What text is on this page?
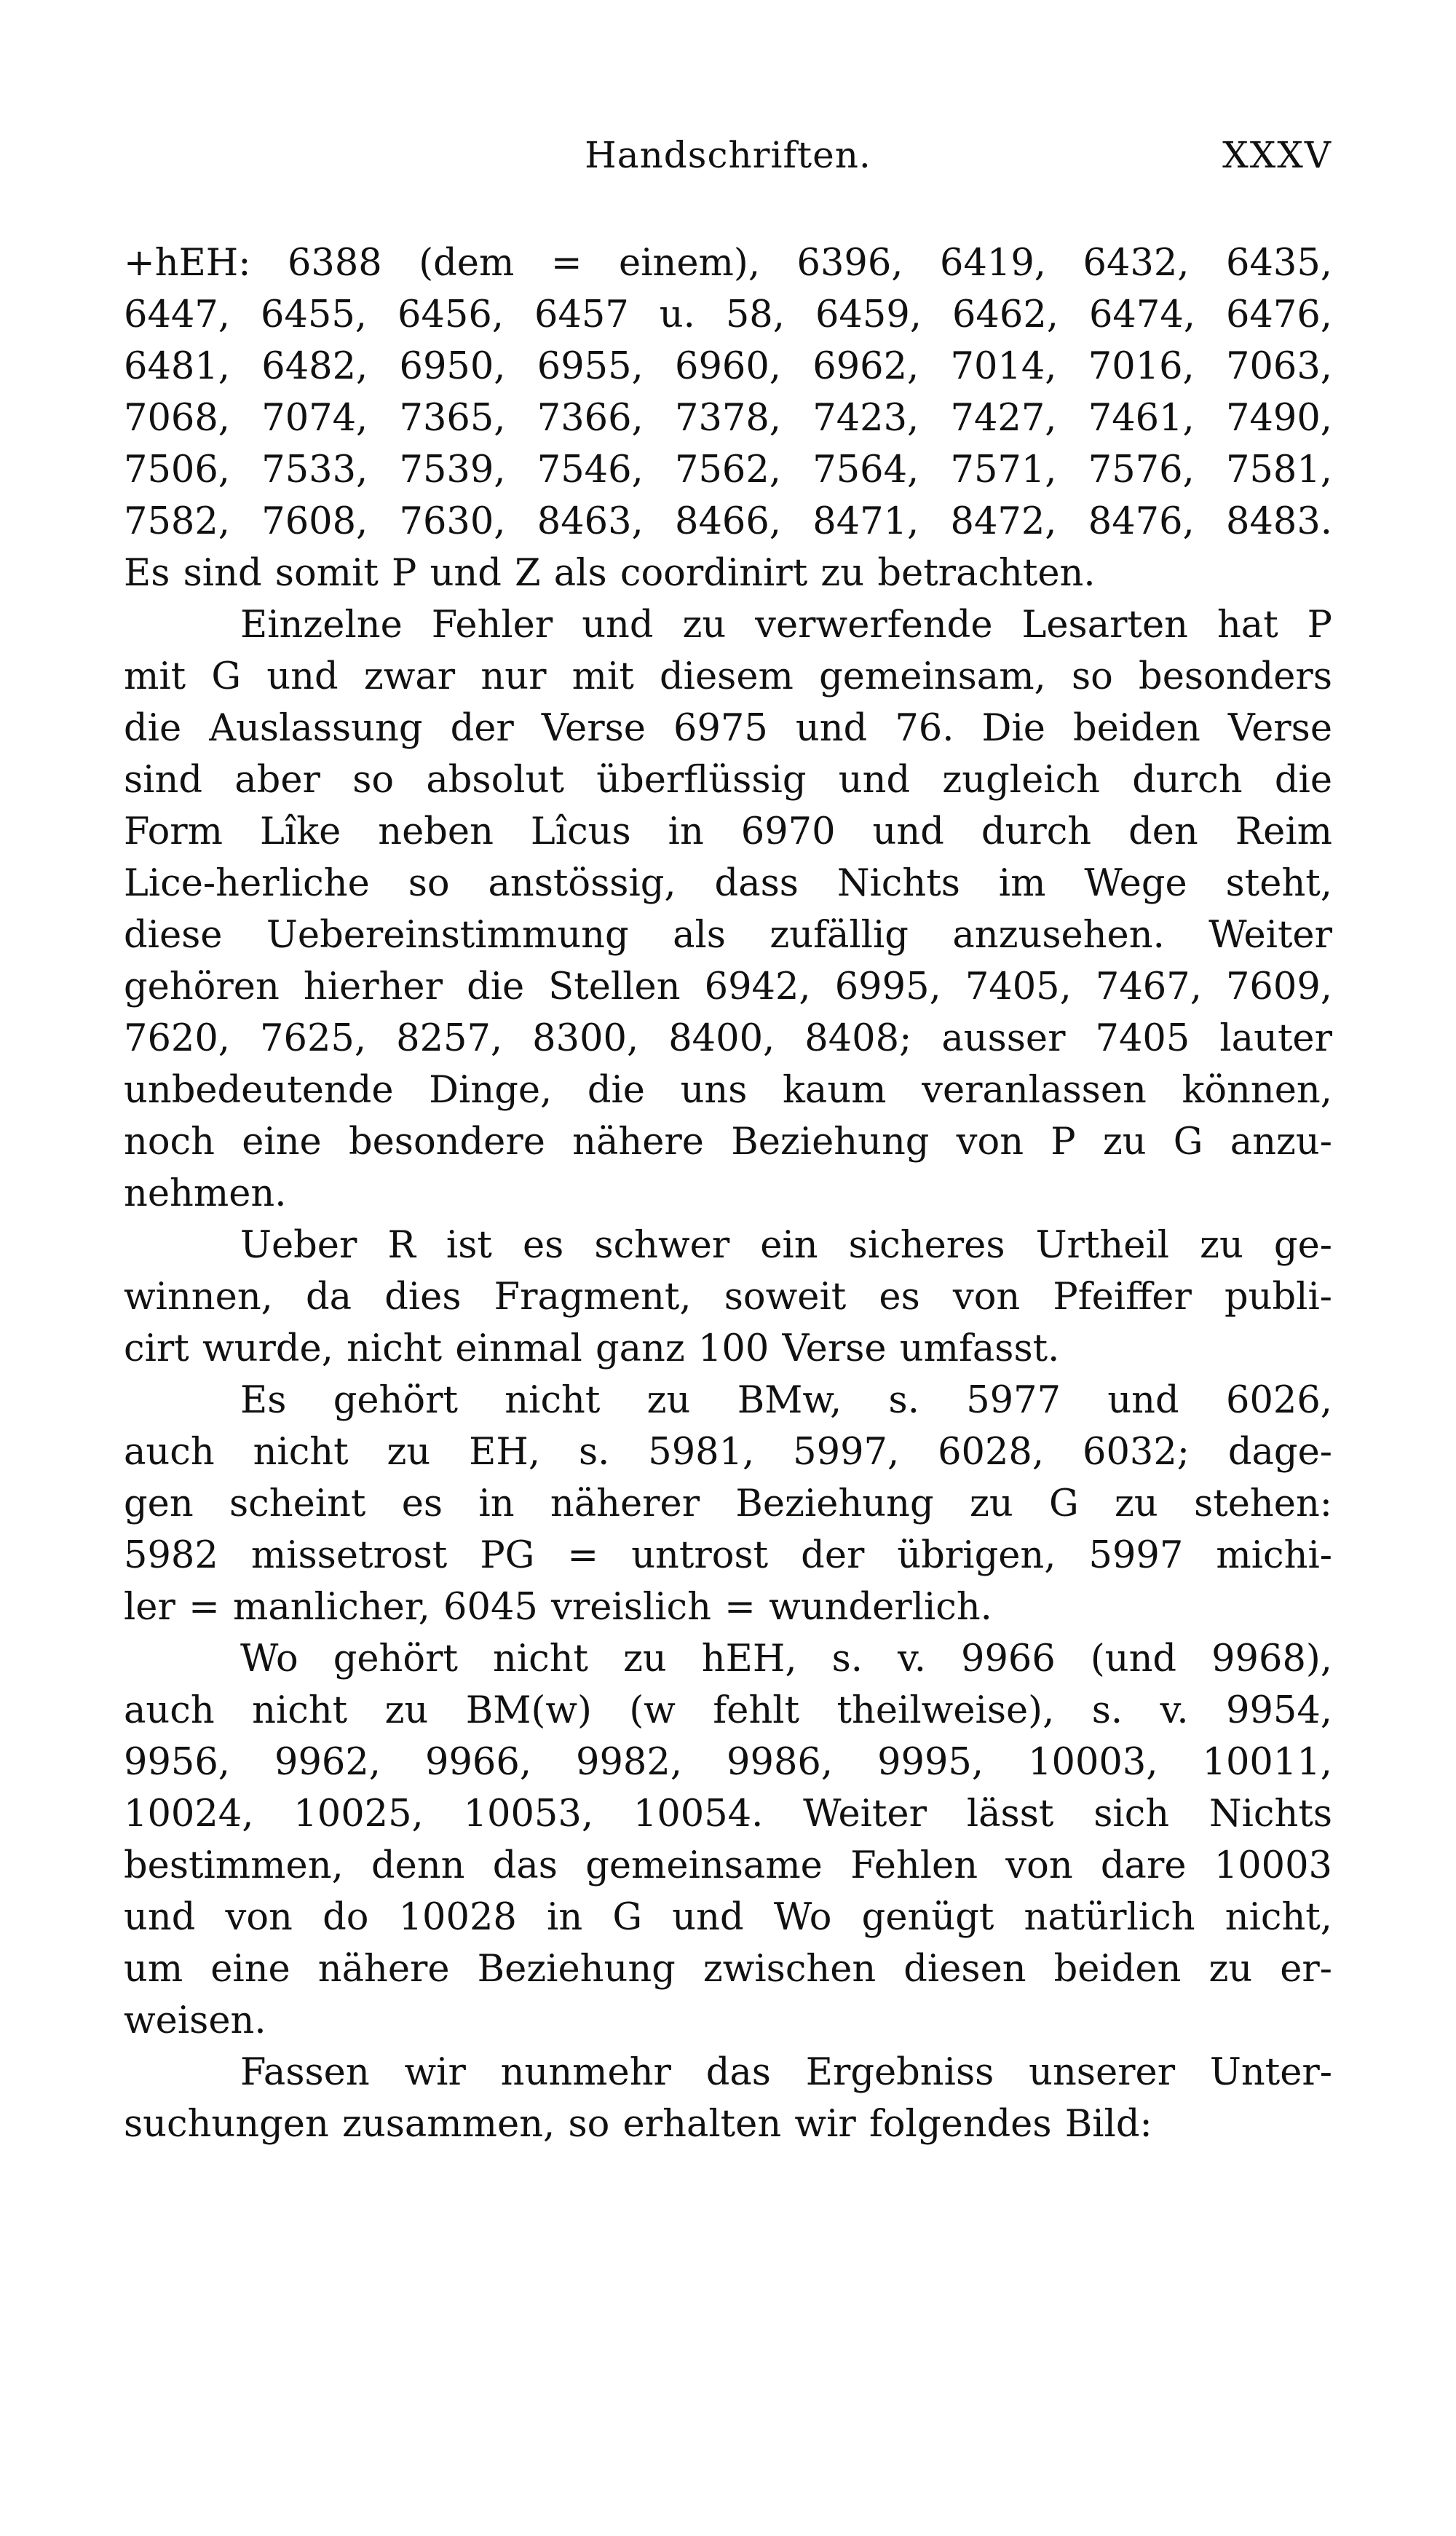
Handschriften.	XXXV
+hEH: 6388 (dem = einem), 6396, 6419, 6432, 6435,
6447, 6455, 6456, 6457 u. 58, 6459, 6462, 6474, 6476,
6481, 6482, 6950, 6955, 6960, 6962, 7014, 7016, 7063,
7068, 7074, 7365, 7366, 7378, 7423, 7427, 7461, 7490,
7506, 7533, 7539, 7546, 7562, 7564, 7571, 7576, 7581,
7582, 7608, 7630, 8463, 8466, 8471, 8472, 8476, 8483.
Es sind somit P und Z als coordinirt zu betrachten.
Einzelne Fehler und zu verwerfende Lesarten hat P
mit G und zwar nur mit diesem gemeinsam, so besonders
die Auslassung der Verse 6975 und 76. Die beiden Verse
sind aber so absolut überflüssig und zugleich durch die
Form Lîke neben Lîcus in 6970 und durch den Reim
Lice-herliche so anstössig, dass Nichts im Wege steht,
diese Uebereinstimmung als zufällig anzusehen. Weiter
gehören hierher die Stellen 6942, 6995, 7405, 7467, 7609,
7620, 7625, 8257, 8300, 8400, 8408; ausser 7405 lauter
unbedeutende Dinge, die uns kaum veranlassen können,
noch eine besondere nähere Beziehung von P zu G anzu-
nehmen.
Ueber R ist es schwer ein sicheres Urtheil zu ge-
winnen, da dies Fragment, soweit es von Pfeiffer publi-
cirt wurde, nicht einmal ganz 100 Verse umfasst.
Es gehört nicht zu BMw, s. 5977 und 6026,
auch nicht zu EH, s. 5981, 5997, 6028, 6032; dage-
gen scheint es in näherer Beziehung zu G zu stehen:
5982 missetrost PG = untrost der übrigen, 5997 michi-
ler = manlicher, 6045 vreislich = wunderlich.
Wo gehört nicht zu hEH, s. v. 9966 (und 9968),
auch nicht zu BM(w) (w fehlt theilweise), s. v. 9954,
9956, 9962, 9966, 9982, 9986, 9995, 10003, 10011,
10024, 10025, 10053, 10054. Weiter lässt sich Nichts
bestimmen, denn das gemeinsame Fehlen von dare 10003
und von do 10028 in G und Wo genügt natürlich nicht,
um eine nähere Beziehung zwischen diesen beiden zu er-
weisen.
Fassen wir nunmehr das Ergebniss unserer Unter-
suchungen zusammen, so erhalten wir folgendes Bild:
